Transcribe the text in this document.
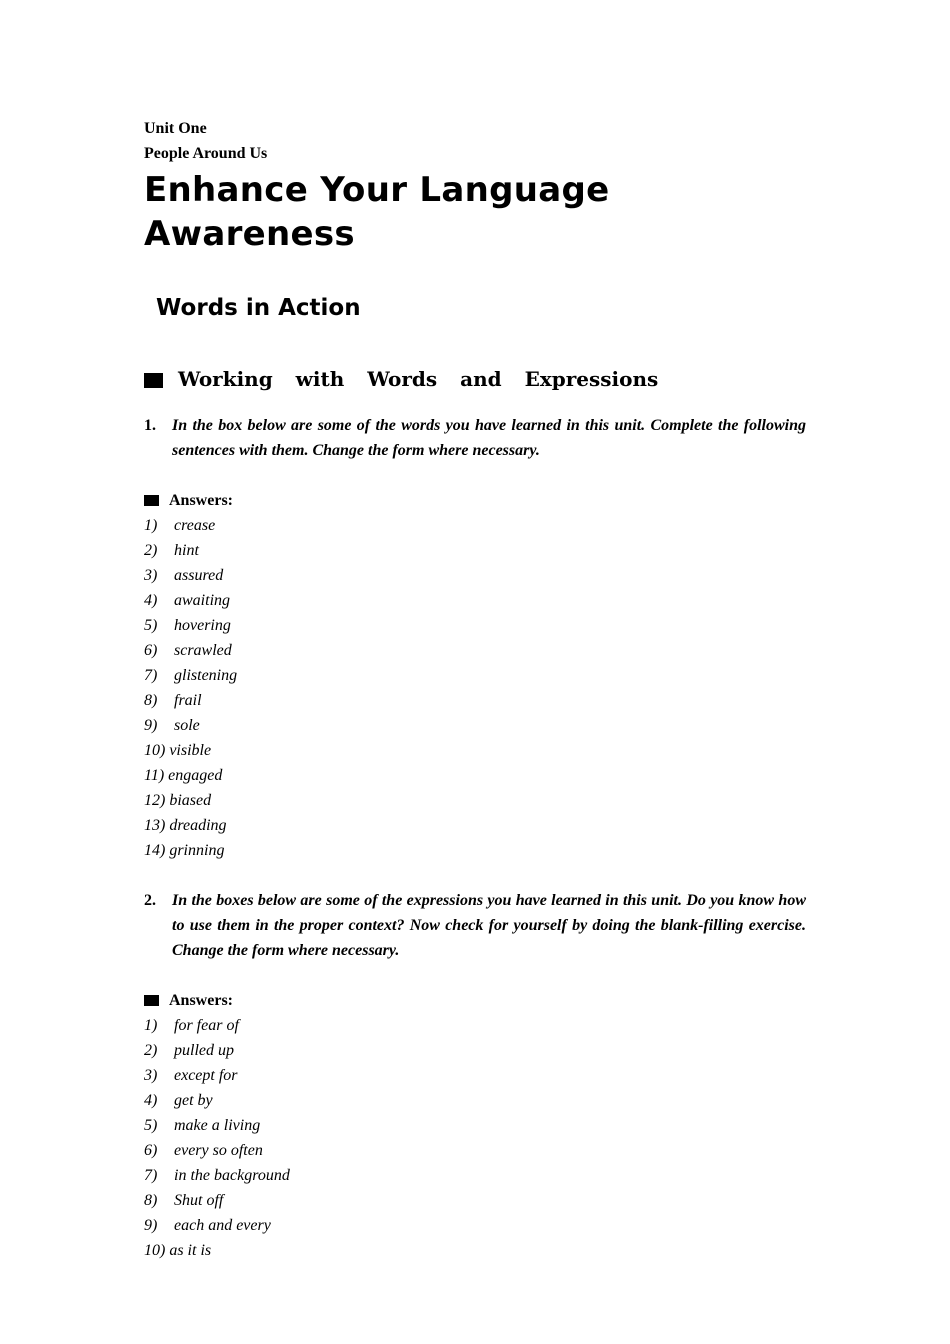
Unit One
People Around Us
Enhance Your Language Awareness
Words in Action
Working with Words and Expressions
1.	In the box below are some of the words you have learned in this unit. Complete the following sentences with them. Change the form where necessary.
Answers:
1) crease
2) hint
3) assured
4) awaiting
5) hovering
6) scrawled
7) glistening
8) frail
9) sole
10) visible
11) engaged
12) biased
13) dreading
14) grinning
2.	In the boxes below are some of the expressions you have learned in this unit. Do you know how to use them in the proper context? Now check for yourself by doing the blank-filling exercise. Change the form where necessary.
Answers:
1) for fear of
2) pulled up
3) except for
4) get by
5) make a living
6) every so often
7) in the background
8) Shut off
9) each and every
10) as it is
